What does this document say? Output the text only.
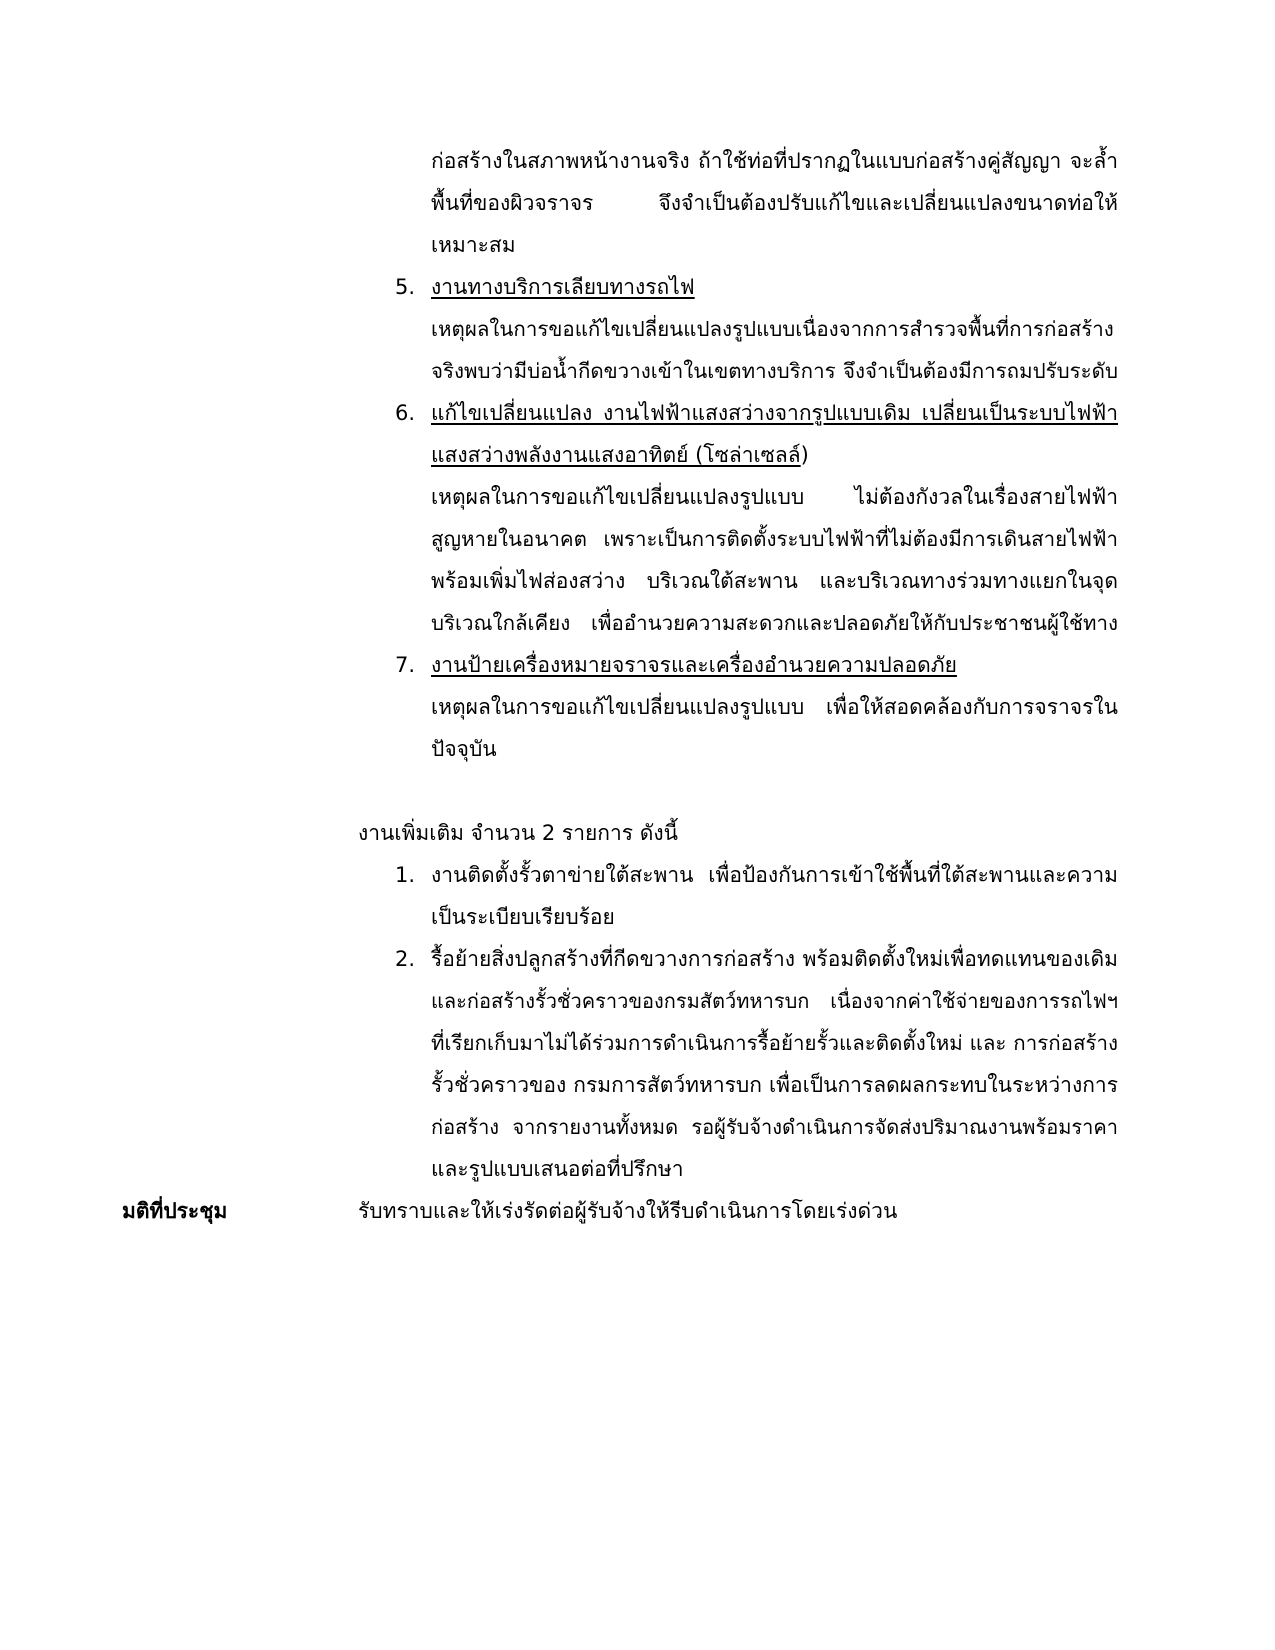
ก่อสร้างในสภาพหน้างานจริง ถ้าใช้ท่อที่ปรากฏในแบบก่อสร้างคู่สัญญา จะล้ำ
พื้นที่ของผิวจราจร จึงจำเป็นต้องปรับแก้ไขและเปลี่ยนแปลงขนาดท่อให้
เหมาะสม
5. งานทางบริการเลียบทางรถไฟ
เหตุผลในการขอแก้ไขเปลี่ยนแปลงรูปแบบเนื่องจากการสำรวจพื้นที่การก่อสร้าง
จริงพบว่ามีบ่อน้ำกีดขวางเข้าในเขตทางบริการ จึงจำเป็นต้องมีการถมปรับระดับ
6. แก้ไขเปลี่ยนแปลง งานไฟฟ้าแสงสว่างจากรูปแบบเดิม เปลี่ยนเป็นระบบไฟฟ้า
แสงสว่างพลังงานแสงอาทิตย์ (โซล่าเซลล์)
เหตุผลในการขอแก้ไขเปลี่ยนแปลงรูปแบบ ไม่ต้องกังวลในเรื่องสายไฟฟ้า
สูญหายในอนาคต เพราะเป็นการติดตั้งระบบไฟฟ้าที่ไม่ต้องมีการเดินสายไฟฟ้า
พร้อมเพิ่มไฟส่องสว่าง บริเวณใต้สะพาน และบริเวณทางร่วมทางแยกในจุด
บริเวณใกล้เคียง เพื่ออำนวยความสะดวกและปลอดภัยให้กับประชาชนผู้ใช้ทาง
7. งานป้ายเครื่องหมายจราจรและเครื่องอำนวยความปลอดภัย
เหตุผลในการขอแก้ไขเปลี่ยนแปลงรูปแบบ เพื่อให้สอดคล้องกับการจราจรใน
ปัจจุบัน
งานเพิ่มเติม จำนวน 2 รายการ ดังนี้
1. งานติดตั้งรั้วตาข่ายใต้สะพาน เพื่อป้องกันการเข้าใช้พื้นที่ใต้สะพานและความ
เป็นระเบียบเรียบร้อย
2. รื้อย้ายสิ่งปลูกสร้างที่กีดขวางการก่อสร้าง พร้อมติดตั้งใหม่เพื่อทดแทนของเดิม
และก่อสร้างรั้วชั่วคราวของกรมสัตว์ทหารบก เนื่องจากค่าใช้จ่ายของการรถไฟฯ
ที่เรียกเก็บมาไม่ได้ร่วมการดำเนินการรื้อย้ายรั้วและติดตั้งใหม่ และ การก่อสร้าง
รั้วชั่วคราวของ กรมการสัตว์ทหารบก เพื่อเป็นการลดผลกระทบในระหว่างการ
ก่อสร้าง จากรายงานทั้งหมด รอผู้รับจ้างดำเนินการจัดส่งปริมาณงานพร้อมราคา
และรูปแบบเสนอต่อที่ปรึกษา
มติที่ประชุม	รับทราบและให้เร่งรัดต่อผู้รับจ้างให้รีบดำเนินการโดยเร่งด่วน
